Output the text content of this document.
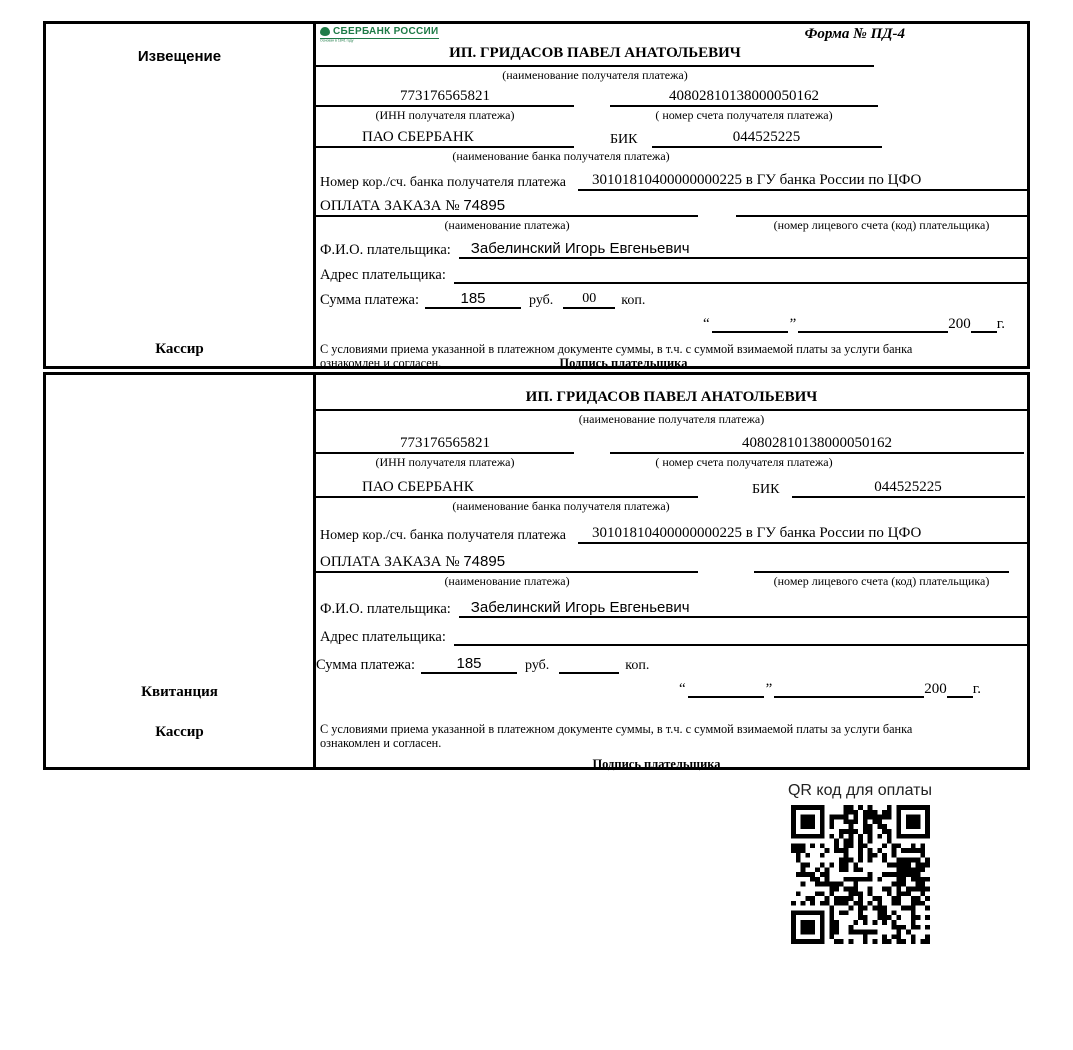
Извещение
Кассир
СБЕРБАНК РОССИИ
Основан в 1841 году	Форма № ПД-4
ИП. ГРИДАСОВ ПАВЕЛ АНАТОЛЬЕВИЧ
(наименование получателя платежа)
773176565821	40802810138000050162
(ИНН получателя платежа)	( номер счета получателя платежа)
ПАО СБЕРБАНК	БИК	044525225
(наименование банка получателя платежа)
Номер кор./сч. банка получателя платежа	30101810400000000225 в ГУ банка России по ЦФО
ОПЛАТА ЗАКАЗА № 74895
(наименование платежа)	(номер лицевого счета (код) плательщика)
Ф.И.О. плательщика:	Забелинский Игорь Евгеньевич
Адрес плательщика:
Сумма платежа:	185	руб.	00	коп.
“	”	200 г.
С условиями приема указанной в платежном документе суммы, в т.ч. с суммой взимаемой платы за услуги банка
ознакомлен и согласен.	Подпись плательщика
Квитанция
Кассир
ИП. ГРИДАСОВ ПАВЕЛ АНАТОЛЬЕВИЧ
(наименование получателя платежа)
773176565821	40802810138000050162
(ИНН получателя платежа)	( номер счета получателя платежа)
ПАО СБЕРБАНК	БИК	044525225
(наименование банка получателя платежа)
Номер кор./сч. банка получателя платежа	30101810400000000225 в ГУ банка России по ЦФО
ОПЛАТА ЗАКАЗА № 74895
(наименование платежа)	(номер лицевого счета (код) плательщика)
Ф.И.О. плательщика:	Забелинский Игорь Евгеньевич
Адрес плательщика:
Сумма платежа:	185	руб.	коп.
“	”	200 г.
С условиями приема указанной в платежном документе суммы, в т.ч. с суммой взимаемой платы за услуги банка
ознакомлен и согласен.
Подпись плательщика
QR код для оплаты
